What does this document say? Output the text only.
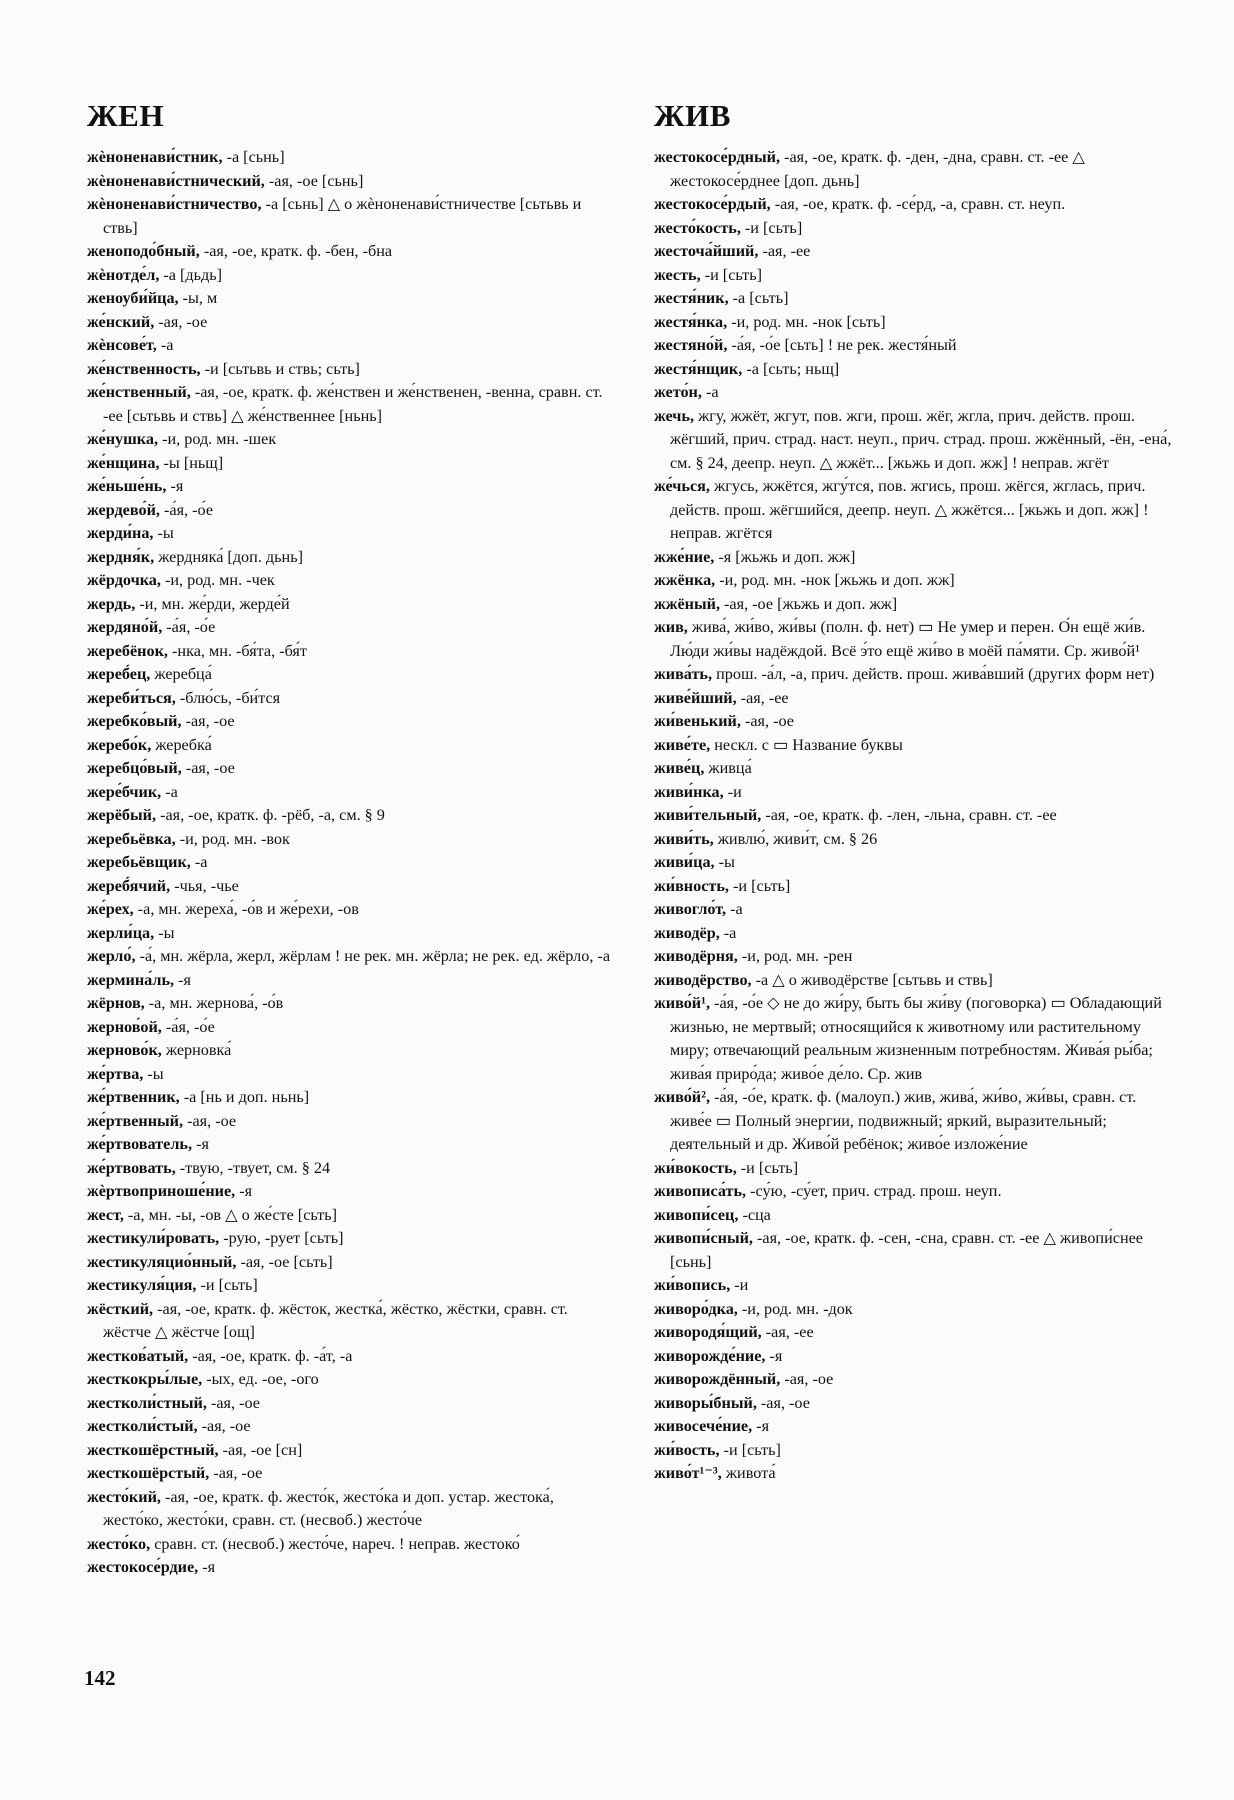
ЖЕН
жѐноненави́стник, -а [сьнь]
жѐноненави́стнический, -ая, -ое [сьнь]
жѐноненави́стничество, -а [сьнь] △ о жѐноненави́стничестве [сьтьвь и ствь]
женоподо́бный, -ая, -ое, кратк. ф. -бен, -бна
жѐнотде́л, -а [дьдь]
женоуби́йца, -ы, м
же́нский, -ая, -ое
жѐнсове́т, -а
же́нственность, -и [сьтьвь и ствь; сьть]
же́нственный, -ая, -ое, кратк. ф. же́нствен и же́нственен, -венна, сравн. ст. -ее [сьтьвь и ствь] △ же́нственнее [ньнь]
же́нушка, -и, род. мн. -шек
же́нщина, -ы [ньщ]
же́ньше́нь, -я
жердево́й, -а́я, -о́е
жерди́на, -ы
жердня́к, жердняка́ [доп. дьнь]
жёрдочка, -и, род. мн. -чек
жердь, -и, мн. же́рди, жерде́й
жердяно́й, -а́я, -о́е
жеребёнок, -нка, мн. -бя́та, -бя́т
жереб́ец, жеребца́
жереби́ться, -блю́сь, -би́тся
жеребко́вый, -ая, -ое
жеребо́к, жеребка́
жеребцо́вый, -ая, -ое
жере́бчик, -а
жерёбый, -ая, -ое, кратк. ф. -рёб, -а, см. § 9
жеребьёвка, -и, род. мн. -вок
жеребьёвщик, -а
жереб́ячий, -чья, -чье
же́рех, -а, мн. жереха́, -о́в и же́рехи, -ов
жерли́ца, -ы
жерло́, -а́, мн. жёрла, жерл, жёрлам ! не рек. мн. жёрла; не рек. ед. жёрло, -а
жермина́ль, -я
жёрнов, -а, мн. жернова́, -о́в
жернов́ой, -а́я, -о́е
жерново́к, жерновка́
же́ртва, -ы
же́ртвенник, -а [нь и доп. ньнь]
же́ртвенный, -ая, -ое
же́ртвователь, -я
же́ртвовать, -твую, -твует, см. § 24
жѐртвоприноше́ние, -я
жест, -а, мн. -ы, -ов △ о же́сте [сьть]
жестикули́ровать, -рую, -рует [сьть]
жестикуляцио́нный, -ая, -ое [сьть]
жестикуля́ция, -и [сьть]
жёсткий, -ая, -ое, кратк. ф. жёсток, жестка́, жёстко, жёстки, сравн. ст. жёстче △ жёстче [ощ]
жестков́атый, -ая, -ое, кратк. ф. -а́т, -а
жесткокры́лые, -ых, ед. -ое, -ого
жестколи́стный, -ая, -ое
жестколи́стый, -ая, -ое
жесткошёрстный, -ая, -ое [сн]
жесткошёрстый, -ая, -ое
жесто́кий, -ая, -ое, кратк. ф. жесто́к, жесто́ка и доп. устар. жестока́, жесто́ко, жесто́ки, сравн. ст. (несвоб.) жесто́че
жесто́ко, сравн. ст. (несвоб.) жесто́че, нареч. ! неправ. жестоко́
жестокосе́рдие, -я
ЖИВ
жестокосе́рдный, -ая, -ое, кратк. ф. -ден, -дна, сравн. ст. -ее △ жестокосе́рднее [доп. дьнь]
жестокосе́рдый, -ая, -ое, кратк. ф. -се́рд, -а, сравн. ст. неуп.
жесто́кость, -и [сьть]
жесточа́йший, -ая, -ее
жесть, -и [сьть]
жестя́ник, -а [сьть]
жестя́нка, -и, род. мн. -нок [сьть]
жестяно́й, -а́я, -о́е [сьть] ! не рек. жестя́ный
жестя́нщик, -а [сьть; ньщ]
жето́н, -а
жечь, жгу, жжёт, жгут, пов. жги, прош. жёг, жгла, прич. действ. прош. жёгший, прич. страд. наст. неуп., прич. страд. прош. жжённый, -ён, -ена́, см. § 24, деепр. неуп. △ жжёт... [жьжь и доп. жж] ! неправ. жгёт
же́чься, жгусь, жжётся, жгу́тся, пов. жгись, прош. жёгся, жглась, прич. действ. прош. жёгшийся, деепр. неуп. △ жжётся... [жьжь и доп. жж] ! неправ. жгётся
жже́ние, -я [жьжь и доп. жж]
жжёнка, -и, род. мн. -нок [жьжь и доп. жж]
жжёный, -ая, -ое [жьжь и доп. жж]
жив, жива́, жи́во, жи́вы (полн. ф. нет) ▭ Не умер и перен. О́н ещё жи́в. Лю́ди жи́вы надёждой. Всё э́то ещё жи́во в моёй па́мяти. Ср. живо́й¹
жива́ть, прош. -а́л, -а, прич. действ. прош. жива́вший (других форм нет)
живе́йший, -ая, -ее
жи́венький, -ая, -ое
живе́те, нескл. с ▭ Название буквы
живе́ц, живца́
живи́нка, -и
живи́тельный, -ая, -ое, кратк. ф. -лен, -льна, сравн. ст. -ее
живи́ть, живлю́, живи́т, см. § 26
живи́ца, -ы
жи́вность, -и [сьть]
живогло́т, -а
живодёр, -а
живодёрня, -и, род. мн. -рен
живодёрство, -а △ о живодёрстве [сьтьвь и ствь]
живо́й¹, -а́я, -о́е ◇ не до жи́ру, быть бы жи́ву (поговорка) ▭ Обладающий жизнью, не мертвый; относящийся к животному или растительному миру; отвечающий реальным жизненным потребностям. Жива́я ры́ба; жива́я приро́да; живо́е де́ло. Ср. жив
живо́й², -а́я, -о́е, кратк. ф. (малоуп.) жив, жива́, жи́во, жи́вы, сравн. ст. живе́е ▭ Полный энергии, подвижный; яркий, выразительный; деятельный и др. Живо́й ребёнок; живо́е изложе́ние
жи́вокость, -и [сьть]
живописа́ть, -су́ю, -су́ет, прич. страд. прош. неуп.
живопи́сец, -сца
живопи́сный, -ая, -ое, кратк. ф. -сен, -сна, сравн. ст. -ее △ живопи́снее [сьнь]
жи́вопись, -и
живоро́дка, -и, род. мн. -док
живородя́щий, -ая, -ее
живорожде́ние, -я
живорождённый, -ая, -ое
живоры́бный, -ая, -ое
живосече́ние, -я
жи́вость, -и [сьть]
живо́т¹⁻³, живота́
142
